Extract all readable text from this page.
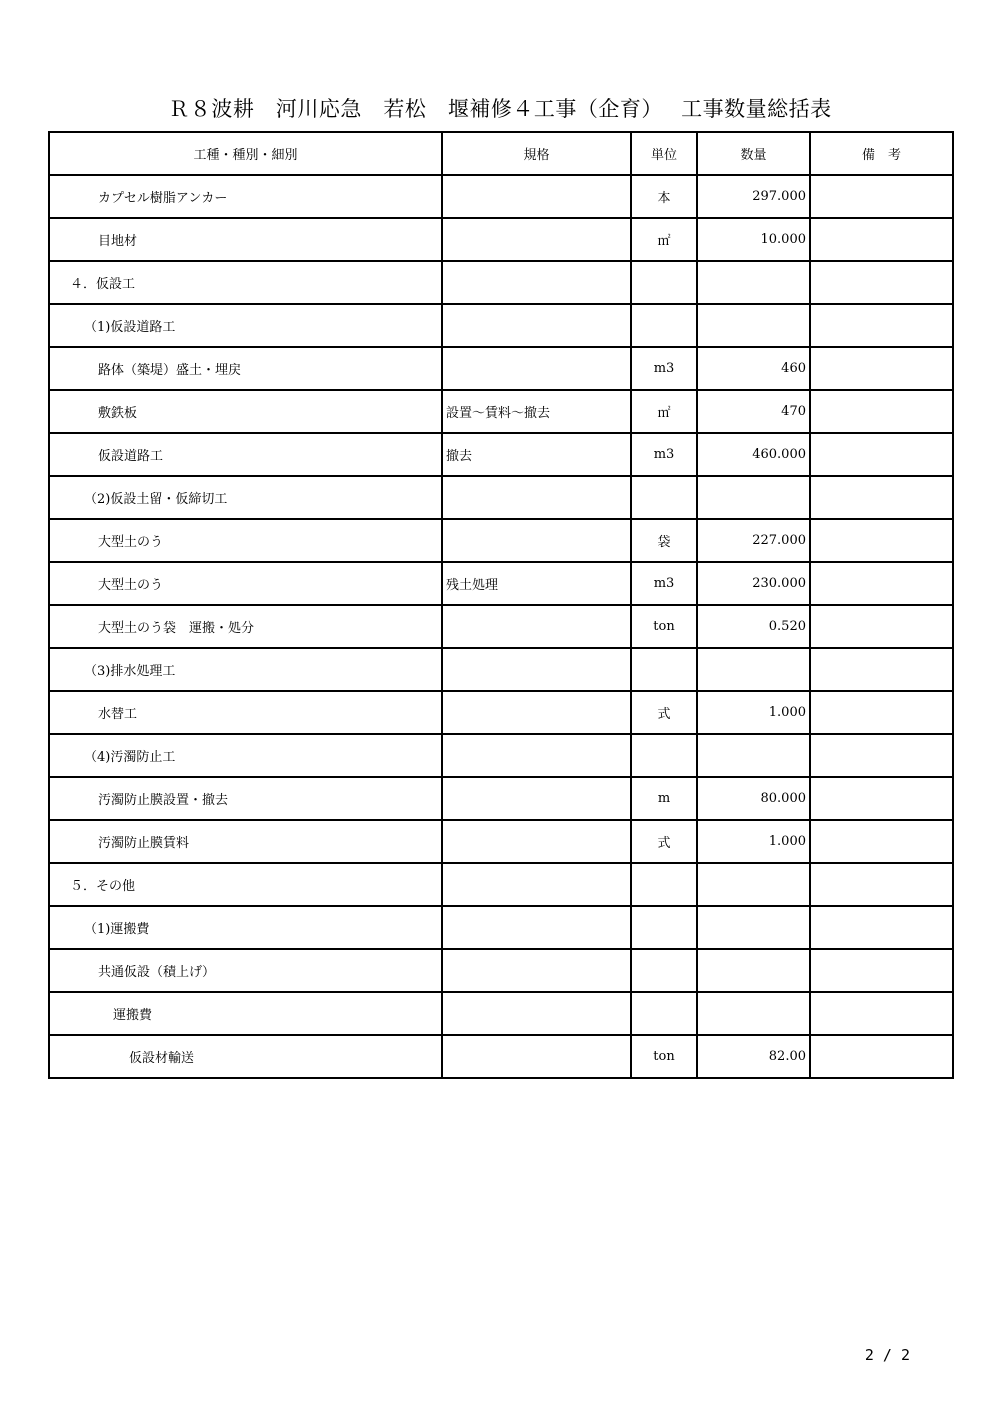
Ｒ８波耕　河川応急　若松　堰補修４工事（企育）　 工事数量総括表
工種・種別・細別	規格	単位	数量	備　考
カプセル樹脂アンカー		本	297.000	
目地材		㎡	10.000	
４．仮設工				
（1)仮設道路工				
路体（築堤）盛土・埋戻		m3	460	
敷鉄板	設置～賃料～撤去	㎡	470	
仮設道路工	撤去	m3	460.000	
（2)仮設土留・仮締切工				
大型土のう		袋	227.000	
大型土のう	残土処理	m3	230.000	
大型土のう袋　運搬・処分		ton	0.520	
（3)排水処理工				
水替工		式	1.000	
（4)汚濁防止工				
汚濁防止膜設置・撤去		m	80.000	
汚濁防止膜賃料		式	1.000	
５．その他				
（1)運搬費				
共通仮設（積上げ）				
運搬費				
仮設材輸送		ton	82.00	
2 / 2
